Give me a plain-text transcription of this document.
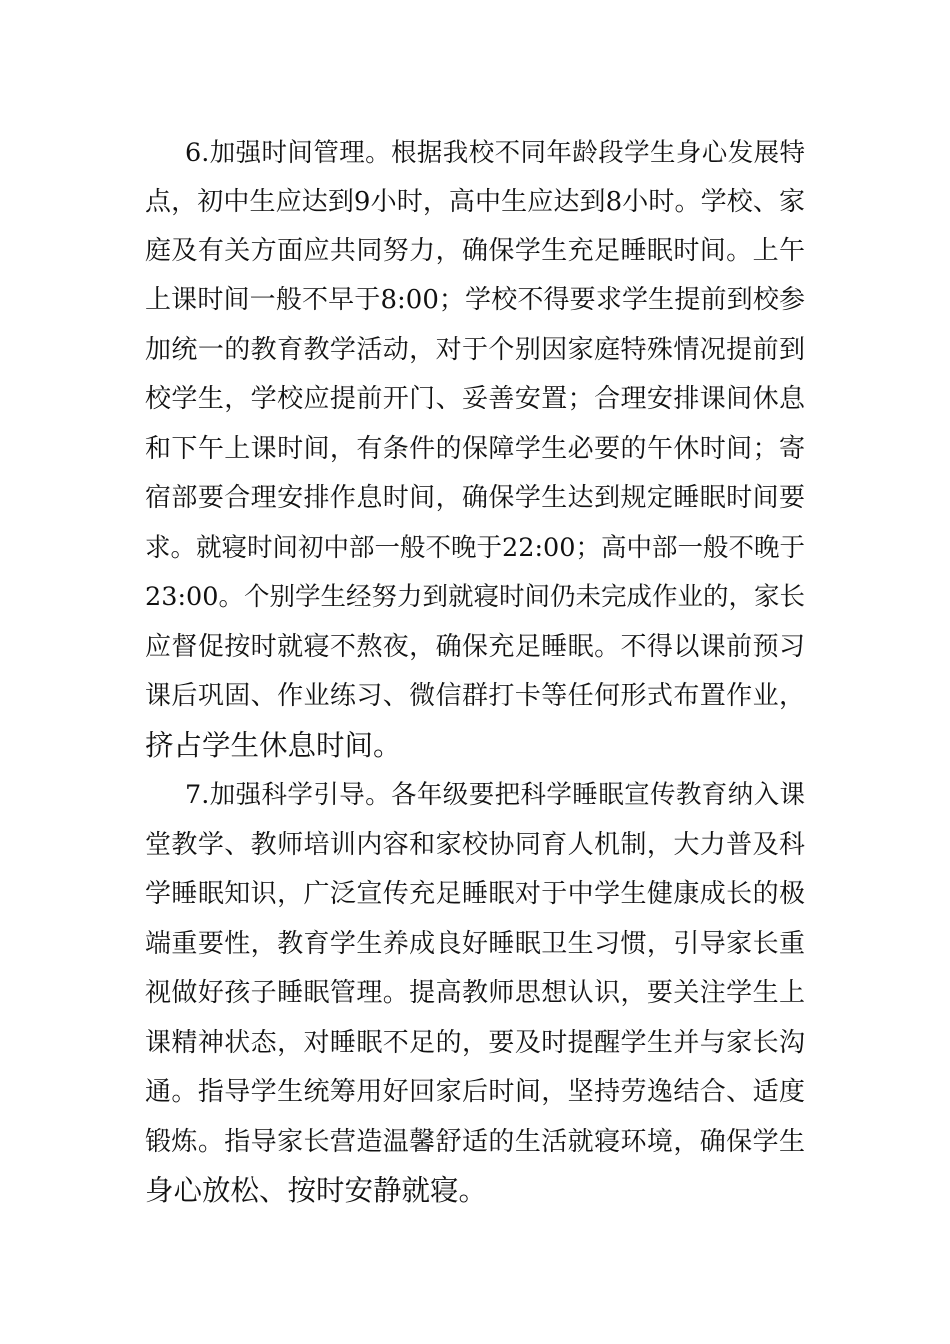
6.加强时间管理。根据我校不同年龄段学生身心发展特
点，初中生应达到9小时，高中生应达到8小时。学校、家
庭及有关方面应共同努力，确保学生充足睡眠时间。上午
上课时间一般不早于8:00；学校不得要求学生提前到校参
加统一的教育教学活动，对于个别因家庭特殊情况提前到
校学生，学校应提前开门、妥善安置；合理安排课间休息
和下午上课时间，有条件的保障学生必要的午休时间；寄
宿部要合理安排作息时间，确保学生达到规定睡眠时间要
求。就寝时间初中部一般不晚于22:00；高中部一般不晚于
23:00。个别学生经努力到就寝时间仍未完成作业的，家长
应督促按时就寝不熬夜，确保充足睡眠。不得以课前预习
课后巩固、作业练习、微信群打卡等任何形式布置作业，
挤占学生休息时间。
7.加强科学引导。各年级要把科学睡眠宣传教育纳入课
堂教学、教师培训内容和家校协同育人机制，大力普及科
学睡眠知识，广泛宣传充足睡眠对于中学生健康成长的极
端重要性，教育学生养成良好睡眠卫生习惯，引导家长重
视做好孩子睡眠管理。提高教师思想认识，要关注学生上
课精神状态，对睡眠不足的，要及时提醒学生并与家长沟
通。指导学生统筹用好回家后时间，坚持劳逸结合、适度
锻炼。指导家长营造温馨舒适的生活就寝环境，确保学生
身心放松、按时安静就寝。
